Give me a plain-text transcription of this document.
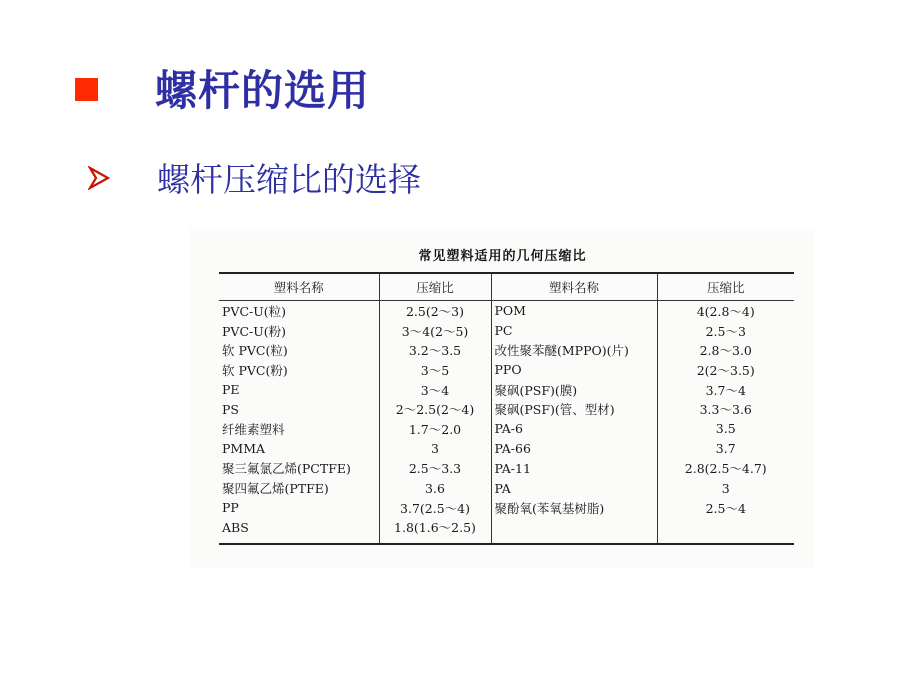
螺杆的选用
螺杆压缩比的选择
常见塑料适用的几何压缩比
塑料名称	压缩比	塑料名称	压缩比
PVC-U(粒)	2.5(2～3)	POM	4(2.8～4)
PVC-U(粉)	3～4(2～5)	PC	2.5～3
软 PVC(粒)	3.2～3.5	改性聚苯醚(MPPO)(片)	2.8～3.0
软 PVC(粉)	3～5	PPO	2(2～3.5)
PE	3～4	聚砜(PSF)(膜)	3.7～4
PS	2～2.5(2～4)	聚砜(PSF)(管、型材)	3.3～3.6
纤维素塑料	1.7～2.0	PA-6	3.5
PMMA	3	PA-66	3.7
聚三氟氯乙烯(PCTFE)	2.5～3.3	PA-11	2.8(2.5～4.7)
聚四氟乙烯(PTFE)	3.6	PA	3
PP	3.7(2.5～4)	聚酚氧(苯氧基树脂)	2.5～4
ABS	1.8(1.6～2.5)		
